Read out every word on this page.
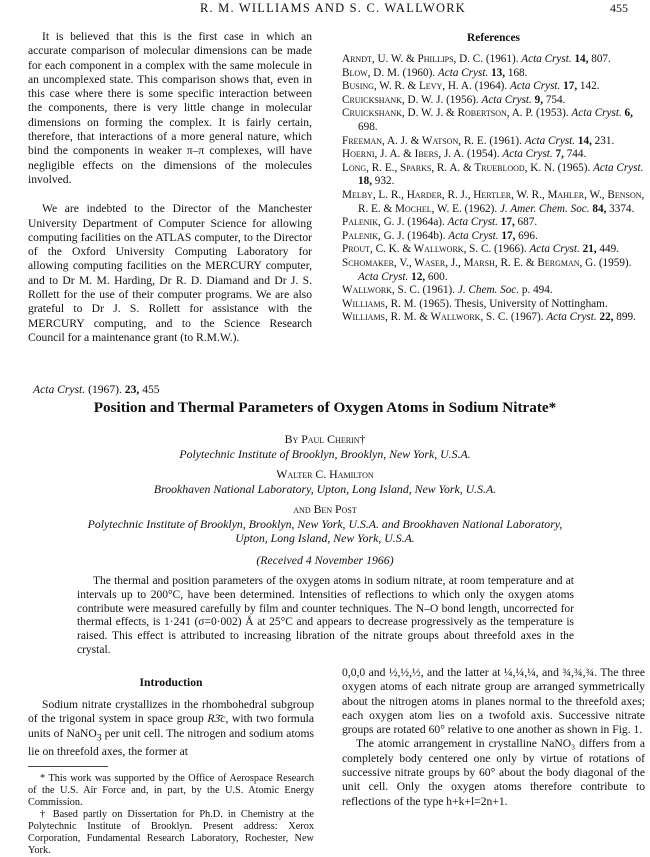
R. M. WILLIAMS AND S. C. WALLWORK	455

It is believed that this is the first case in which an accurate comparison of molecular dimensions can be made for each component in a complex with the same molecule in an uncomplexed state. This comparison shows that, even in this case where there is some specific interaction between the components, there is very little change in molecular dimensions on forming the complex. It is fairly certain, therefore, that interactions of a more general nature, which bind the components in weaker π–π complexes, will have negligible effects on the dimensions of the molecules involved.

We are indebted to the Director of the Manchester University Department of Computer Science for allowing computing facilities on the ATLAS computer, to the Director of the Oxford University Computing Laboratory for allowing computing facilities on the MERCURY computer, and to Dr M. M. Harding, Dr R. D. Diamand and Dr J. S. Rollett for the use of their computer programs. We are also grateful to Dr J. S. Rollett for assistance with the MERCURY computing, and to the Science Research Council for a maintenance grant (to R.M.W.).

References

Arndt, U. W. & Phillips, D. C. (1961). Acta Cryst. 14, 807.

Blow, D. M. (1960). Acta Cryst. 13, 168.

Busing, W. R. & Levy, H. A. (1964). Acta Cryst. 17, 142.

Cruickshank, D. W. J. (1956). Acta Cryst. 9, 754.

Cruickshank, D. W. J. & Robertson, A. P. (1953). Acta Cryst. 6, 698.

Freeman, A. J. & Watson, R. E. (1961). Acta Cryst. 14, 231.

Hoerni, J. A. & Ibers, J. A. (1954). Acta Cryst. 7, 744.

Long, R. E., Sparks, R. A. & Trueblood, K. N. (1965). Acta Cryst. 18, 932.

Melby, L. R., Harder, R. J., Hertler, W. R., Mahler, W., Benson, R. E. & Mochel, W. E. (1962). J. Amer. Chem. Soc. 84, 3374.

Palenik, G. J. (1964a). Acta Cryst. 17, 687.

Palenik, G. J. (1964b). Acta Cryst. 17, 696.

Prout, C. K. & Wallwork, S. C. (1966). Acta Cryst. 21, 449.

Schomaker, V., Waser, J., Marsh, R. E. & Bergman, G. (1959). Acta Cryst. 12, 600.

Wallwork, S. C. (1961). J. Chem. Soc. p. 494.

Williams, R. M. (1965). Thesis, University of Nottingham.

Williams, R. M. & Wallwork, S. C. (1967). Acta Cryst. 22, 899.

Acta Cryst. (1967). 23, 455
Position and Thermal Parameters of Oxygen Atoms in Sodium Nitrate*
By Paul Cherin†
Polytechnic Institute of Brooklyn, Brooklyn, New York, U.S.A.
Walter C. Hamilton
Brookhaven National Laboratory, Upton, Long Island, New York, U.S.A.
and Ben Post
Polytechnic Institute of Brooklyn, Brooklyn, New York, U.S.A. and Brookhaven National Laboratory,
Upton, Long Island, New York, U.S.A.
(Received 4 November 1966)

The thermal and position parameters of the oxygen atoms in sodium nitrate, at room temperature and at intervals up to 200°C, have been determined. Intensities of reflections to which only the oxygen atoms contribute were measured carefully by film and counter techniques. The N–O bond length, uncorrected for thermal effects, is 1·241 (σ=0·002) Å at 25°C and appears to decrease progressively as the temperature is raised. This effect is attributed to increasing libration of the nitrate groups about threefold axes in the crystal.

Introduction

Sodium nitrate crystallizes in the rhombohedral subgroup of the trigonal system in space group R3̄c, with two formula units of NaNO$_3$ per unit cell. The nitrogen and sodium atoms lie on threefold axes, the former at

* This work was supported by the Office of Aerospace Research of the U.S. Air Force and, in part, by the U.S. Atomic Energy Commission.

† Based partly on Dissertation for Ph.D. in Chemistry at the Polytechnic Institute of Brooklyn. Present address: Xerox Corporation, Fundamental Research Laboratory, Rochester, New York.

0,0,0 and ½,½,½, and the latter at ¼,¼,¼, and ¾,¾,¾. The three oxygen atoms of each nitrate group are arranged symmetrically about the nitrogen atoms in planes normal to the threefold axes; each oxygen atom lies on a twofold axis. Successive nitrate groups are rotated 60° relative to one another as shown in Fig. 1.

The atomic arrangement in crystalline NaNO₃ differs from a completely body centered one only by virtue of rotations of successive nitrate groups by 60° about the body diagonal of the unit cell. Only the oxygen atoms therefore contribute to reflections of the type h+k+l=2n+1.
